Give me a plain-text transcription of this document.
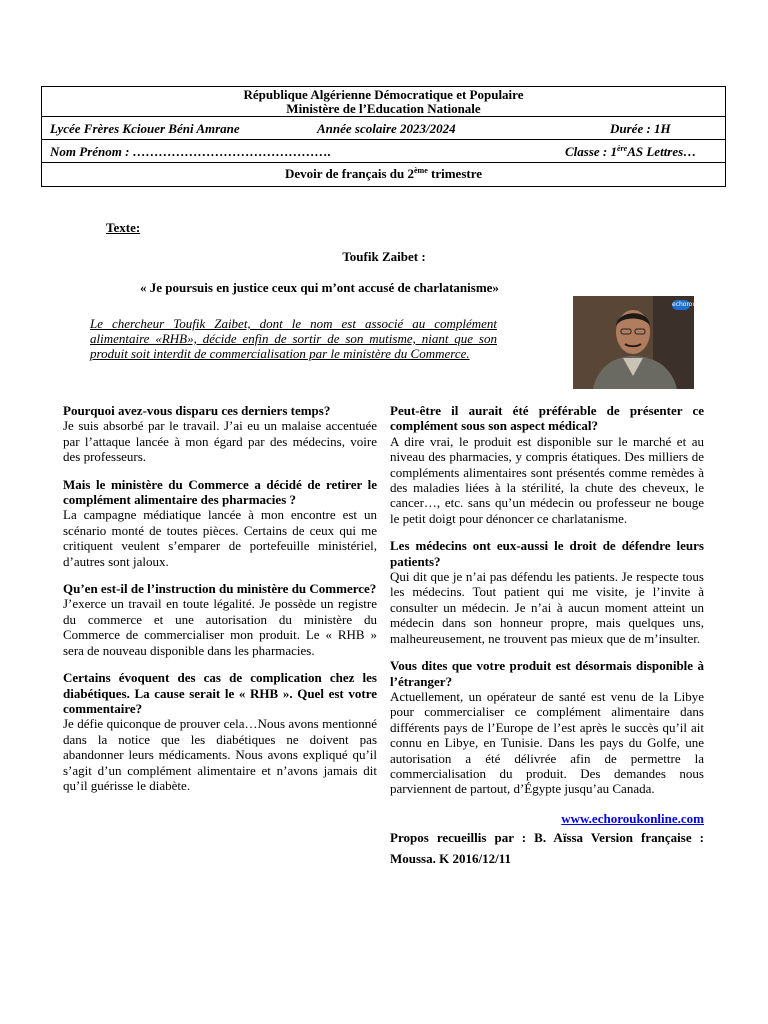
République Algérienne Démocratique et Populaire
Ministère de l’Education Nationale
Lycée Frères Kciouer Béni Amrane	Année scolaire 2023/2024	Durée : 1H
Nom Prénom : ……………………………………….	Classe : 1èreAS Lettres…
Devoir de français du 2ème trimestre
Texte:
Toufik Zaibet :
« Je poursuis en justice ceux qui m’ont accusé de charlatanisme»
Le chercheur Toufik Zaibet, dont le nom est associé au complément alimentaire «RHB», décide enfin de sortir de son mutisme, niant que son produit soit interdit de commercialisation par le ministère du Commerce.
echorouk
Pourquoi avez-vous disparu ces derniers temps?
Je suis absorbé par le travail. J’ai eu un malaise accentuée par l’attaque lancée à mon égard par des médecins, voire des professeurs.
Mais le ministère du Commerce a décidé de retirer le complément alimentaire des pharmacies ?
La campagne médiatique lancée à mon encontre est un scénario monté de toutes pièces. Certains de ceux qui me critiquent veulent s’emparer de portefeuille ministériel, d’autres sont jaloux.
Qu’en est-il de l’instruction du ministère du Commerce?
J’exerce un travail en toute légalité. Je possède un registre du commerce et une autorisation du ministère du Commerce de commercialiser mon produit. Le « RHB » sera de nouveau disponible dans les pharmacies.
Certains évoquent des cas de complication chez les diabétiques. La cause serait le « RHB ». Quel est votre commentaire?
Je défie quiconque de prouver cela…Nous avons mentionné dans la notice que les diabétiques ne doivent pas abandonner leurs médicaments. Nous avons expliqué qu’il s’agit d’un complément alimentaire et n’avons jamais dit qu’il guérisse le diabète.
Peut-être il aurait été préférable de présenter ce complément sous son aspect médical?
A dire vrai, le produit est disponible sur le marché et au niveau des pharmacies, y compris étatiques. Des milliers de compléments alimentaires sont présentés comme remèdes à des maladies liées à la stérilité, la chute des cheveux, le cancer…, etc. sans qu’un médecin ou professeur ne bouge le petit doigt pour dénoncer ce charlatanisme.
Les médecins ont eux-aussi le droit de défendre leurs patients?
Qui dit que je n’ai pas défendu les patients. Je respecte tous les médecins. Tout patient qui me visite, je l’invite à consulter un médecin. Je n’ai à aucun moment atteint un médecin dans son honneur propre, mais quelques uns, malheureusement, ne trouvent pas mieux que de m’insulter.
Vous dites que votre produit est désormais disponible à l’étranger?
Actuellement, un opérateur de santé est venu de la Libye pour commercialiser ce complément alimentaire dans différents pays de l’Europe de l’est après le succès qu’il ait connu en Libye, en Tunisie. Dans les pays du Golfe, une autorisation a été délivrée afin de permettre la commercialisation du produit. Des demandes nous parviennent de partout, d’Égypte jusqu’au Canada.
www.echoroukonline.com
Propos recueillis par : B. Aïssa Version française : Moussa. K 2016/12/11
